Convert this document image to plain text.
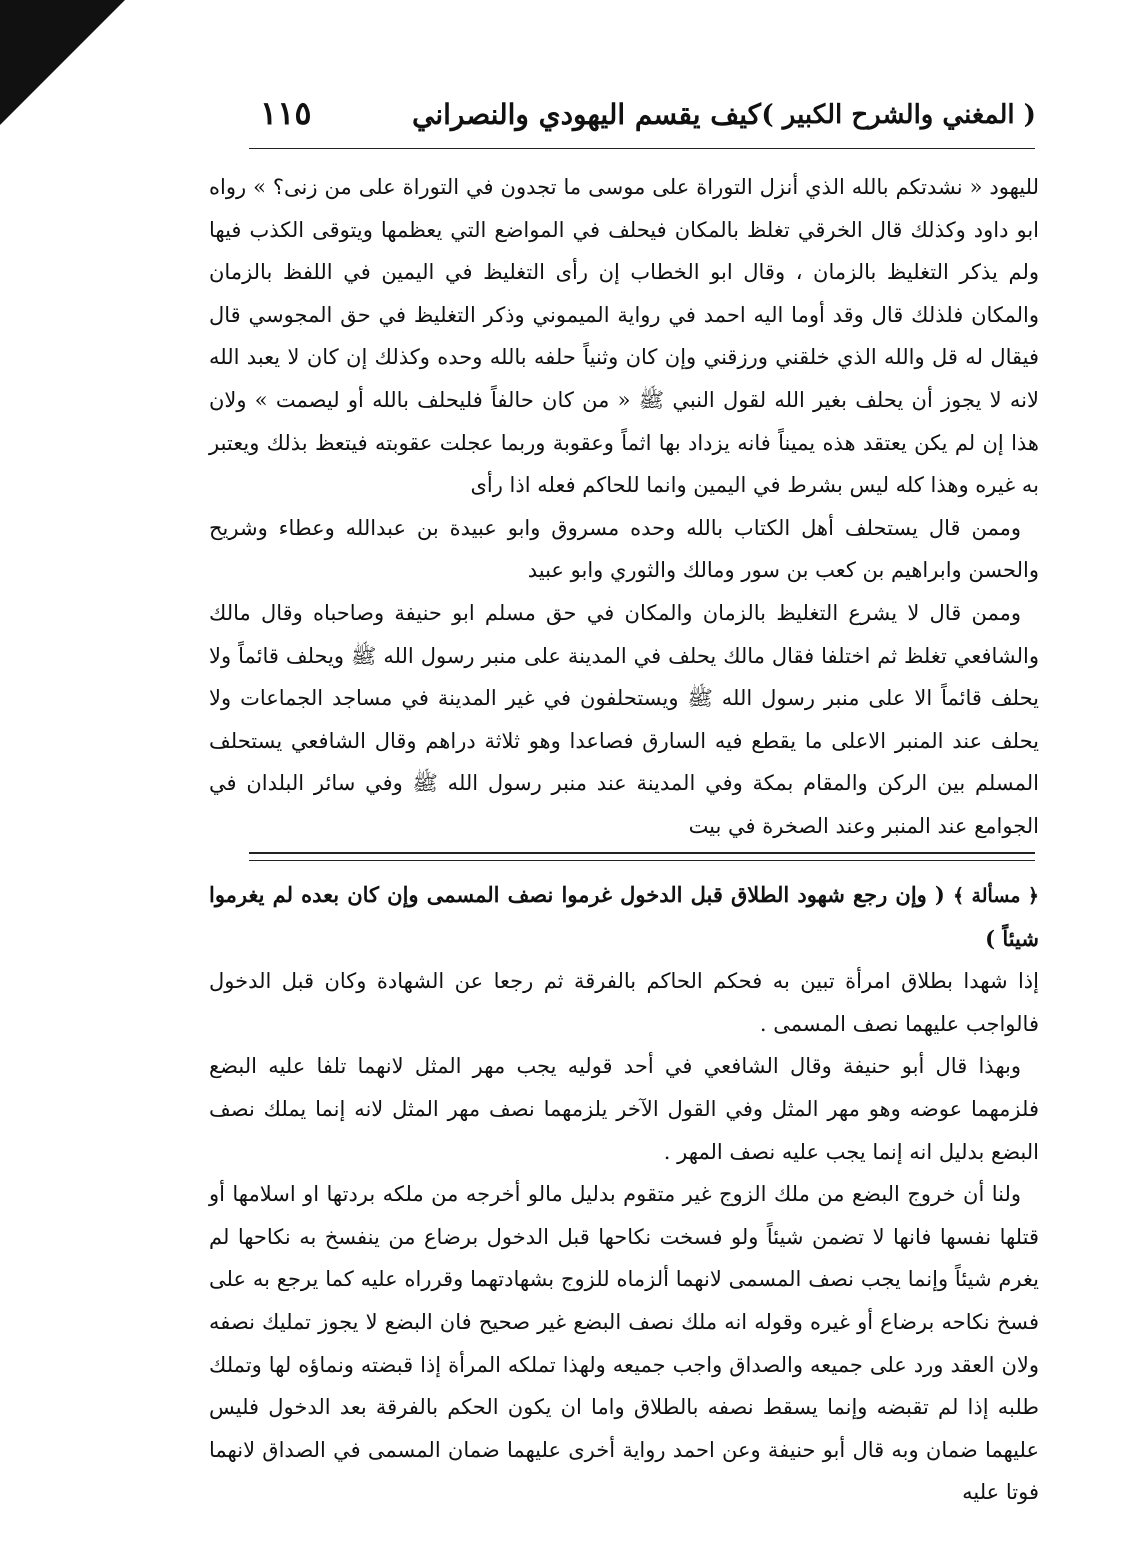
( المغني والشرح الكبير )
كيف يقسم اليهودي والنصراني
١١٥

لليهود « نشدتكم بالله الذي أنزل التوراة على موسى ما تجدون في التوراة على من زنى؟ » رواه ابو داود وكذلك قال الخرقي تغلظ بالمكان فيحلف في المواضع التي يعظمها ويتوقى الكذب فيها ولم يذكر التغليظ بالزمان ، وقال ابو الخطاب إن رأى التغليظ في اليمين في اللفظ بالزمان والمكان فلذلك قال وقد أوما اليه احمد في رواية الميموني وذكر التغليظ في حق المجوسي قال فيقال له قل والله الذي خلقني ورزقني وإن كان وثنياً حلفه بالله وحده وكذلك إن كان لا يعبد الله لانه لا يجوز أن يحلف بغير الله لقول النبي ﷺ « من كان حالفاً فليحلف بالله أو ليصمت » ولان هذا إن لم يكن يعتقد هذه يميناً فانه يزداد بها اثماً وعقوبة وربما عجلت عقوبته فيتعظ بذلك ويعتبر به غيره وهذا كله ليس بشرط في اليمين وانما للحاكم فعله اذا رأى

وممن قال يستحلف أهل الكتاب بالله وحده مسروق وابو عبيدة بن عبدالله وعطاء وشريح والحسن وابراهيم بن كعب بن سور ومالك والثوري وابو عبيد

وممن قال لا يشرع التغليظ بالزمان والمكان في حق مسلم ابو حنيفة وصاحباه وقال مالك والشافعي تغلظ ثم اختلفا فقال مالك يحلف في المدينة على منبر رسول الله ﷺ ويحلف قائماً ولا يحلف قائماً الا على منبر رسول الله ﷺ ويستحلفون في غير المدينة في مساجد الجماعات ولا يحلف عند المنبر الاعلى ما يقطع فيه السارق فصاعدا وهو ثلاثة دراهم وقال الشافعي يستحلف المسلم بين الركن والمقام بمكة وفي المدينة عند منبر رسول الله ﷺ وفي سائر البلدان في الجوامع عند المنبر وعند الصخرة في بيت

﴿ مسألة ﴾ ( وإن رجع شهود الطلاق قبل الدخول غرموا نصف المسمى وإن كان بعده لم يغرموا شيئاً )

إذا شهدا بطلاق امرأة تبين به فحكم الحاكم بالفرقة ثم رجعا عن الشهادة وكان قبل الدخول فالواجب عليهما نصف المسمى .

وبهذا قال أبو حنيفة وقال الشافعي في أحد قوليه يجب مهر المثل لانهما تلفا عليه البضع فلزمهما عوضه وهو مهر المثل وفي القول الآخر يلزمهما نصف مهر المثل لانه إنما يملك نصف البضع بدليل انه إنما يجب عليه نصف المهر .

ولنا أن خروج البضع من ملك الزوج غير متقوم بدليل مالو أخرجه من ملكه بردتها او اسلامها أو قتلها نفسها فانها لا تضمن شيئاً ولو فسخت نكاحها قبل الدخول برضاع من ينفسخ به نكاحها لم يغرم شيئاً وإنما يجب نصف المسمى لانهما ألزماه للزوج بشهادتهما وقرراه عليه كما يرجع به على فسخ نكاحه برضاع أو غيره وقوله انه ملك نصف البضع غير صحيح فان البضع لا يجوز تمليك نصفه ولان العقد ورد على جميعه والصداق واجب جميعه ولهذا تملكه المرأة إذا قبضته ونماؤه لها وتملك طلبه إذا لم تقبضه وإنما يسقط نصفه بالطلاق واما ان يكون الحكم بالفرقة بعد الدخول فليس عليهما ضمان وبه قال أبو حنيفة وعن احمد رواية أخرى عليهما ضمان المسمى في الصداق لانهما فوتا عليه
